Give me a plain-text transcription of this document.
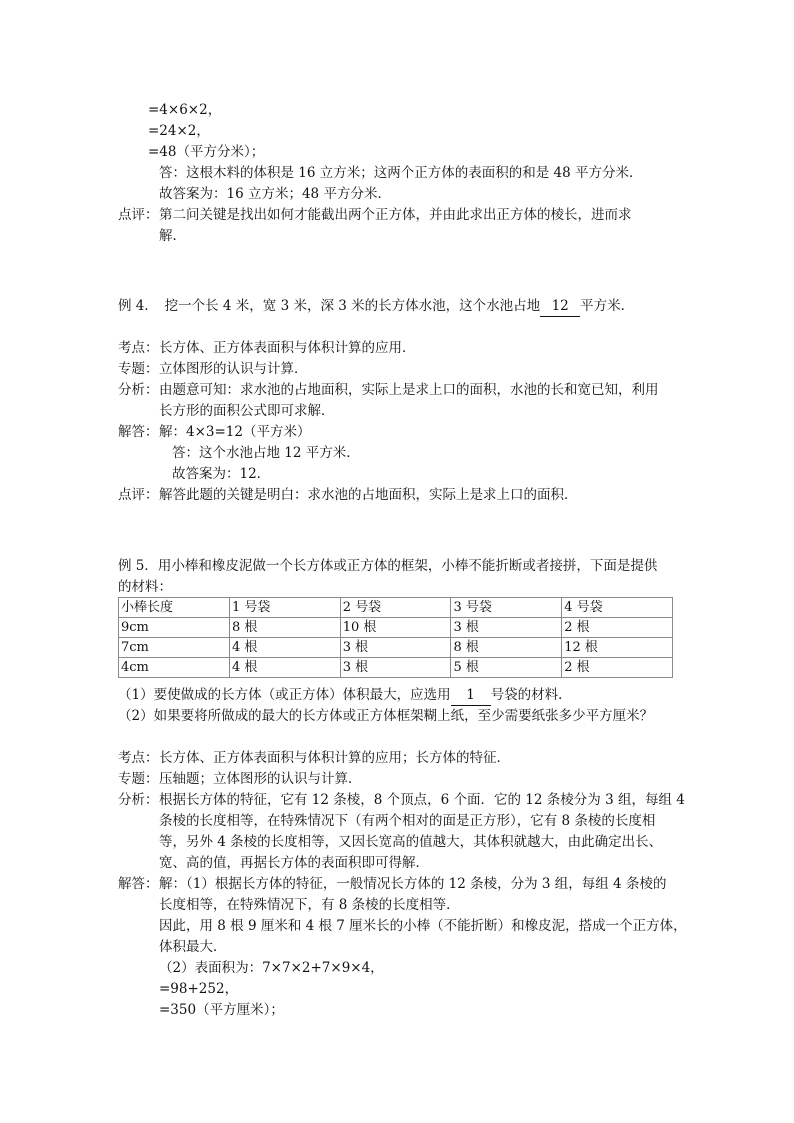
=4×6×2，
=24×2，
=48（平方分米）；
答：这根木料的体积是 16 立方米；这两个正方体的表面积的和是 48 平方分米．
故答案为：16 立方米；48 平方分米．
点评： 第二问关键是找出如何才能截出两个正方体，并由此求出正方体的棱长，进而求
解．
例 4．　挖一个长 4 米，宽 3 米，深 3 米的长方体水池，这个水池占地 12 平方米．
考点： 长方体、正方体表面积与体积计算的应用．
专题： 立体图形的认识与计算．
分析： 由题意可知：求水池的占地面积，实际上是求上口的面积，水池的长和宽已知，利用
长方形的面积公式即可求解．
解答： 解：4×3=12（平方米）
答：这个水池占地 12 平方米．
故答案为：12．
点评： 解答此题的关键是明白：求水池的占地面积，实际上是求上口的面积．
例 5．用小棒和橡皮泥做一个长方体或正方体的框架，小棒不能折断或者接拼，下面是提供
的材料：
小棒长度	1 号袋	2 号袋	3 号袋	4 号袋
9cm	8 根	10 根	3 根	2 根
7cm	4 根	3 根	8 根	12 根
4cm	4 根	3 根	5 根	2 根
（1）要使做成的长方体（或正方体）体积最大，应选用 1 号袋的材料．
（2）如果要将所做成的最大的长方体或正方体框架糊上纸，至少需要纸张多少平方厘米？
考点： 长方体、正方体表面积与体积计算的应用；长方体的特征．
专题： 压轴题；立体图形的认识与计算．
分析： 根据长方体的特征，它有 12 条棱，8 个顶点，6 个面．它的 12 条棱分为 3 组，每组 4
条棱的长度相等，在特殊情况下（有两个相对的面是正方形），它有 8 条棱的长度相
等，另外 4 条棱的长度相等，又因长宽高的值越大，其体积就越大，由此确定出长、
宽、高的值，再据长方体的表面积即可得解．
解答： 解：（1）根据长方体的特征，一般情况长方体的 12 条棱，分为 3 组，每组 4 条棱的
长度相等，在特殊情况下，有 8 条棱的长度相等．
因此，用 8 根 9 厘米和 4 根 7 厘米长的小棒（不能折断）和橡皮泥，搭成一个正方体，
体积最大．
（2）表面积为：7×7×2+7×9×4，
=98+252，
=350（平方厘米）；
